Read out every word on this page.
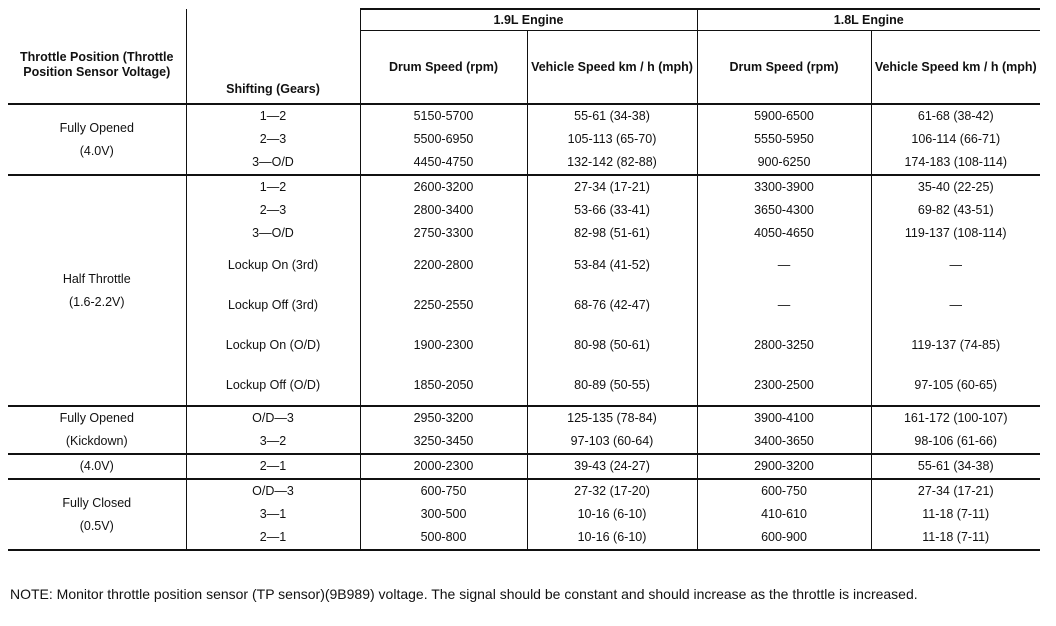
Throttle Position (Throttle Position Sensor Voltage)	Shifting (Gears)	1.9L Engine		1.8L Engine	
		Drum Speed (rpm)	Vehicle Speed km / h (mph)	Drum Speed (rpm)	Vehicle Speed km / h (mph)

Fully Opened
(4.0V)	1—2	5150-5700	55-61 (34-38)	5900-6500	61-68 (38-42)
	2—3	5500-6950	105-113 (65-70)	5550-5950	106-114 (66-71)
	3—O/D	4450-4750	132-142 (82-88)	900-6250	174-183 (108-114)

Half Throttle
(1.6-2.2V)	1—2	2600-3200	27-34 (17-21)	3300-3900	35-40 (22-25)
	2—3	2800-3400	53-66 (33-41)	3650-4300	69-82 (43-51)
	3—O/D	2750-3300	82-98 (51-61)	4050-4650	119-137 (108-114)
	Lockup On (3rd)	2200-2800	53-84 (41-52)	—	—
	Lockup Off (3rd)	2250-2550	68-76 (42-47)	—	—
	Lockup On (O/D)	1900-2300	80-98 (50-61)	2800-3250	119-137 (74-85)
	Lockup Off (O/D)	1850-2050	80-89 (50-55)	2300-2500	97-105 (60-65)

Fully Opened
(Kickdown)	O/D—3	2950-3200	125-135 (78-84)	3900-4100	161-172 (100-107)
	3—2	3250-3450	97-103 (60-64)	3400-3650	98-106 (61-66)

(4.0V)	2—1	2000-2300	39-43 (24-27)	2900-3200	55-61 (34-38)

Fully Closed
(0.5V)	O/D—3	600-750	27-32 (17-20)	600-750	27-34 (17-21)
	3—1	300-500	10-16 (6-10)	410-610	11-18 (7-11)
	2—1	500-800	10-16 (6-10)	600-900	11-18 (7-11)
NOTE: Monitor throttle position sensor (TP sensor)(9B989) voltage. The signal should be constant and should increase as the throttle is increased.
